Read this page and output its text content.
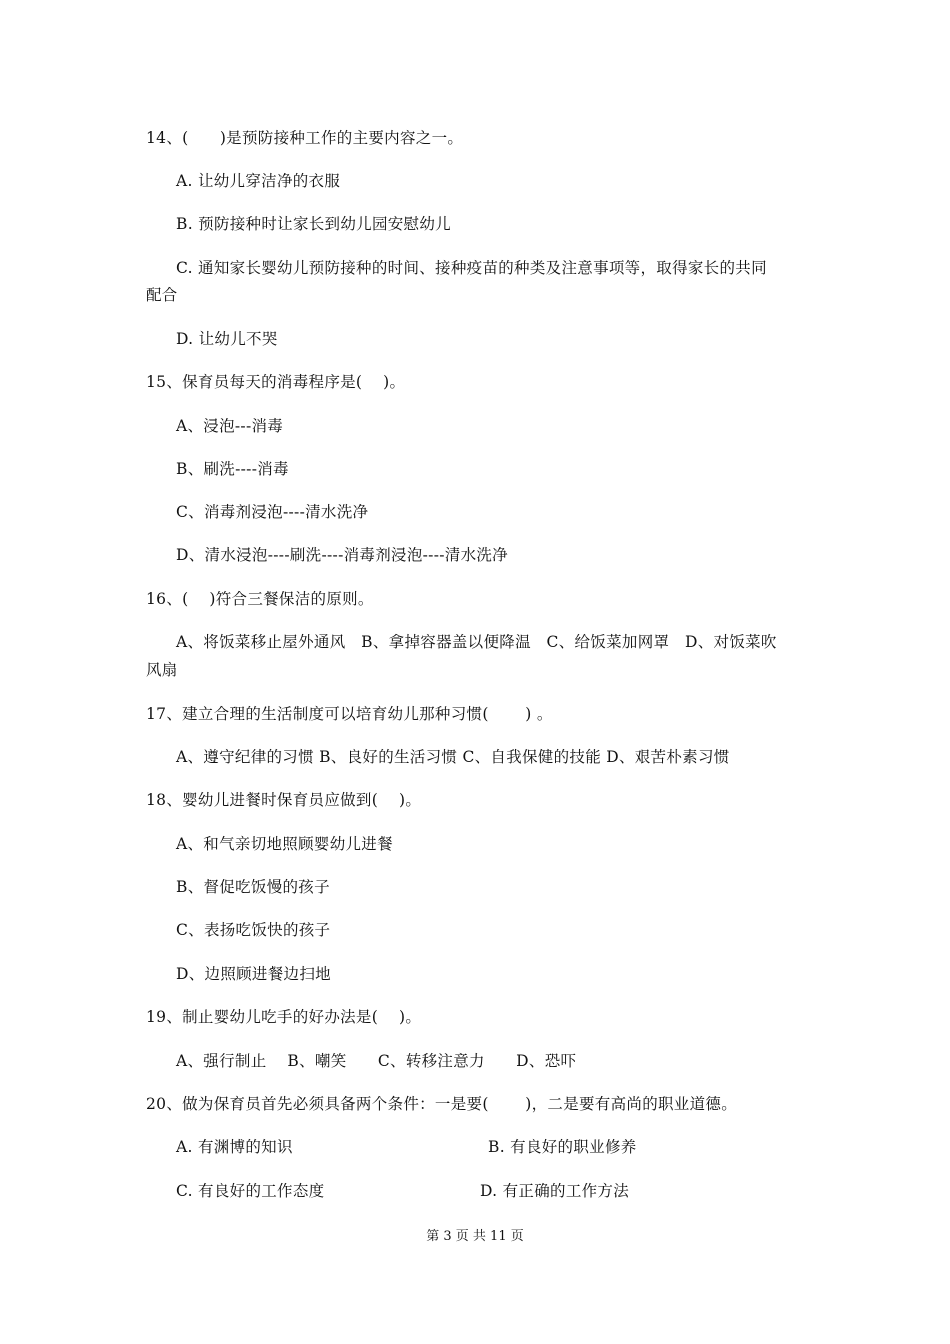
14、(      )是预防接种工作的主要内容之一。
A. 让幼儿穿洁净的衣服
B. 预防接种时让家长到幼儿园安慰幼儿
C. 通知家长婴幼儿预防接种的时间、接种疫苗的种类及注意事项等，取得家长的共同
配合
D. 让幼儿不哭
15、保育员每天的消毒程序是(    )。
A、浸泡---消毒
B、刷洗----消毒
C、消毒剂浸泡----清水洗净
D、清水浸泡----刷洗----消毒剂浸泡----清水洗净
16、(    )符合三餐保洁的原则。
A、将饭菜移止屋外通风   B、拿掉容器盖以便降温   C、给饭菜加网罩   D、对饭菜吹
风扇
17、建立合理的生活制度可以培育幼儿那种习惯(       ) 。
A、遵守纪律的习惯 B、良好的生活习惯 C、自我保健的技能 D、艰苦朴素习惯
18、婴幼儿进餐时保育员应做到(    )。
A、和气亲切地照顾婴幼儿进餐
B、督促吃饭慢的孩子
C、表扬吃饭快的孩子
D、边照顾进餐边扫地
19、制止婴幼儿吃手的好办法是(    )。
A、强行制止    B、嘲笑      C、转移注意力      D、恐吓
20、做为保育员首先必须具备两个条件：一是要(       )，二是要有高尚的职业道德。
A. 有渊博的知识	B. 有良好的职业修养
C. 有良好的工作态度	D. 有正确的工作方法
第 3 页 共 11 页
